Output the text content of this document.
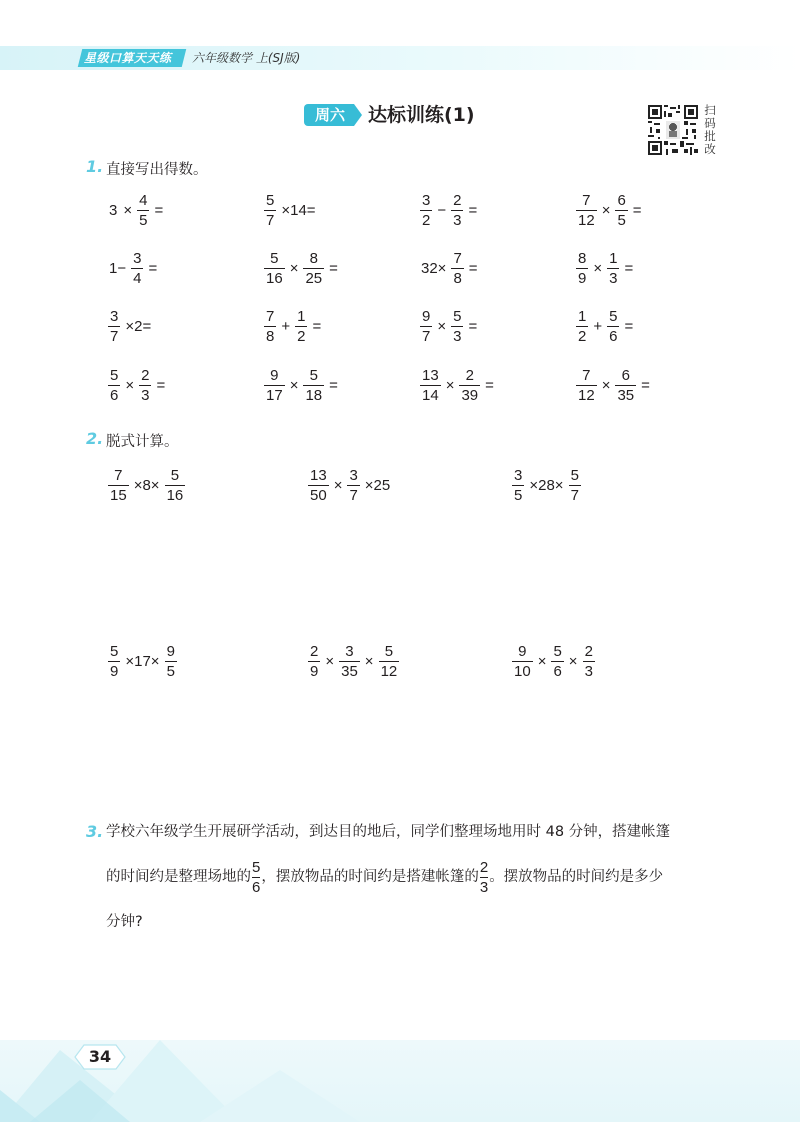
星级口算天天练 六年级数学 上(SJ版)
周六	达标训练(1)	扫
码
批
改
1. 直接写出得数。
$3 \times \frac{4}{5}$ =	$\frac{5}{7} \times 14=$	$\frac{3}{2} - \frac{2}{3}$ =	$\frac{7}{12} \times \frac{6}{5}$ =
$1- \frac{3}{4}$ =	$\frac{5}{16} \times \frac{8}{25}$ =	$32\times \frac{7}{8}$ =	$\frac{8}{9} \times \frac{1}{3}$ =
$\frac{3}{7} \times 2=$	$\frac{7}{8} + \frac{1}{2}$ =	$\frac{9}{7} \times \frac{5}{3}$ =	$\frac{1}{2} + \frac{5}{6}$ =
$\frac{5}{6} \times \frac{2}{3}$ =	$\frac{9}{17} \times \frac{5}{18}$ =	$\frac{13}{14} \times \frac{2}{39}$ =	$\frac{7}{12} \times \frac{6}{35}$ =
2. 脱式计算。
$\frac{7}{15} \times 8\times \frac{5}{16}$	$\frac{13}{50} \times \frac{3}{7} \times 25$	$\frac{3}{5} \times 28\times \frac{5}{7}$
$\frac{5}{9} \times 17\times \frac{9}{5}$	$\frac{2}{9} \times \frac{3}{35} \times \frac{5}{12}$	$\frac{9}{10} \times \frac{5}{6} \times \frac{2}{3}$
3. 学校六年级学生开展研学活动，到达目的地后，同学们整理场地用时 48 分钟，搭建帐篷
的时间约是整理场地的 $\frac{5}{6}$ ，摆放物品的时间约是搭建帐篷的 $\frac{2}{3}$ 。摆放物品的时间约是多少
分钟?
34
